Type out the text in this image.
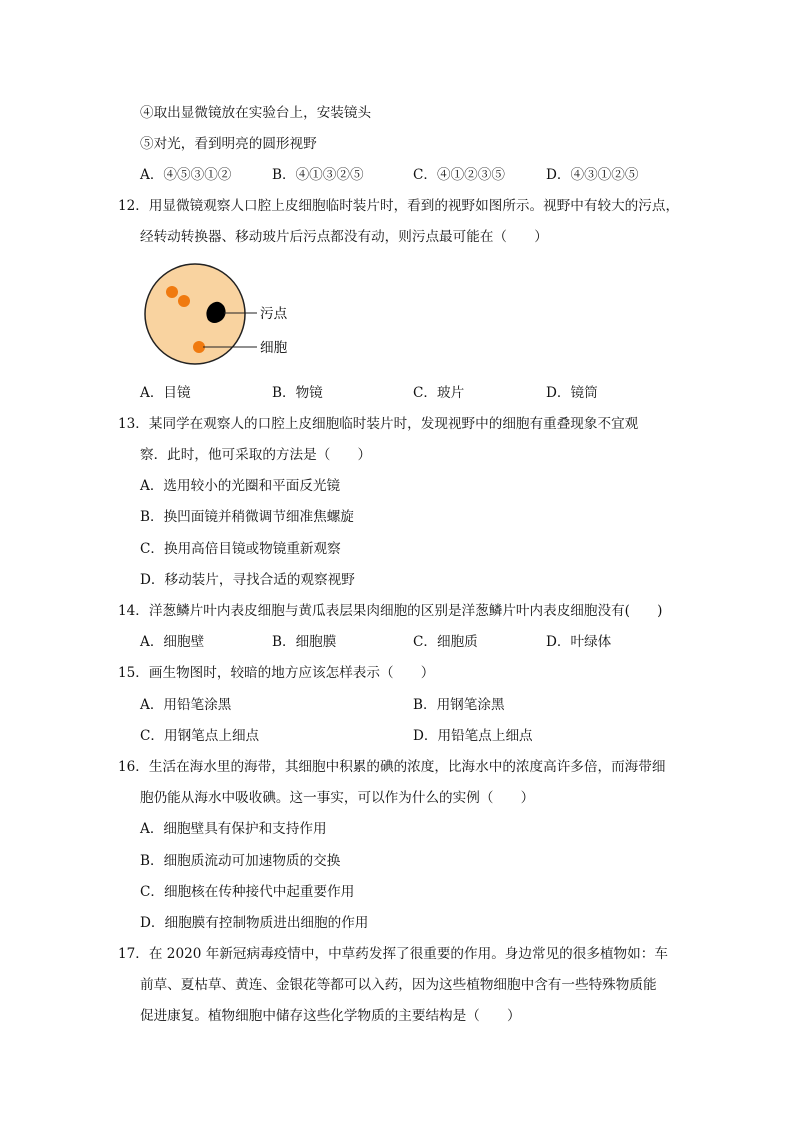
④取出显微镜放在实验台上，安装镜头
⑤对光，看到明亮的圆形视野
A．④⑤③①②	B．④①③②⑤	C．④①②③⑤	D．④③①②⑤
12．用显微镜观察人口腔上皮细胞临时装片时，看到的视野如图所示。视野中有较大的污点，
经转动转换器、移动玻片后污点都没有动，则污点最可能在（　　）
污点
细胞
A．目镜	B．物镜	C．玻片	D．镜筒
13．某同学在观察人的口腔上皮细胞临时装片时，发现视野中的细胞有重叠现象不宜观
察．此时，他可采取的方法是（　　）
A．选用较小的光圈和平面反光镜
B．换凹面镜并稍微调节细准焦螺旋
C．换用高倍目镜或物镜重新观察
D．移动装片，寻找合适的观察视野
14．洋葱鳞片叶内表皮细胞与黄瓜表层果肉细胞的区别是洋葱鳞片叶内表皮细胞没有(　　)
A．细胞壁	B．细胞膜	C．细胞质	D．叶绿体
15．画生物图时，较暗的地方应该怎样表示（　　）
A．用铅笔涂黑	B．用钢笔涂黑
C．用钢笔点上细点	D．用铅笔点上细点
16．生活在海水里的海带，其细胞中积累的碘的浓度，比海水中的浓度高许多倍，而海带细
胞仍能从海水中吸收碘。这一事实，可以作为什么的实例（　　）
A．细胞壁具有保护和支持作用
B．细胞质流动可加速物质的交换
C．细胞核在传种接代中起重要作用
D．细胞膜有控制物质进出细胞的作用
17．在 2020 年新冠病毒疫情中，中草药发挥了很重要的作用。身边常见的很多植物如：车
前草、夏枯草、黄连、金银花等都可以入药，因为这些植物细胞中含有一些特殊物质能
促进康复。植物细胞中储存这些化学物质的主要结构是（　　）
